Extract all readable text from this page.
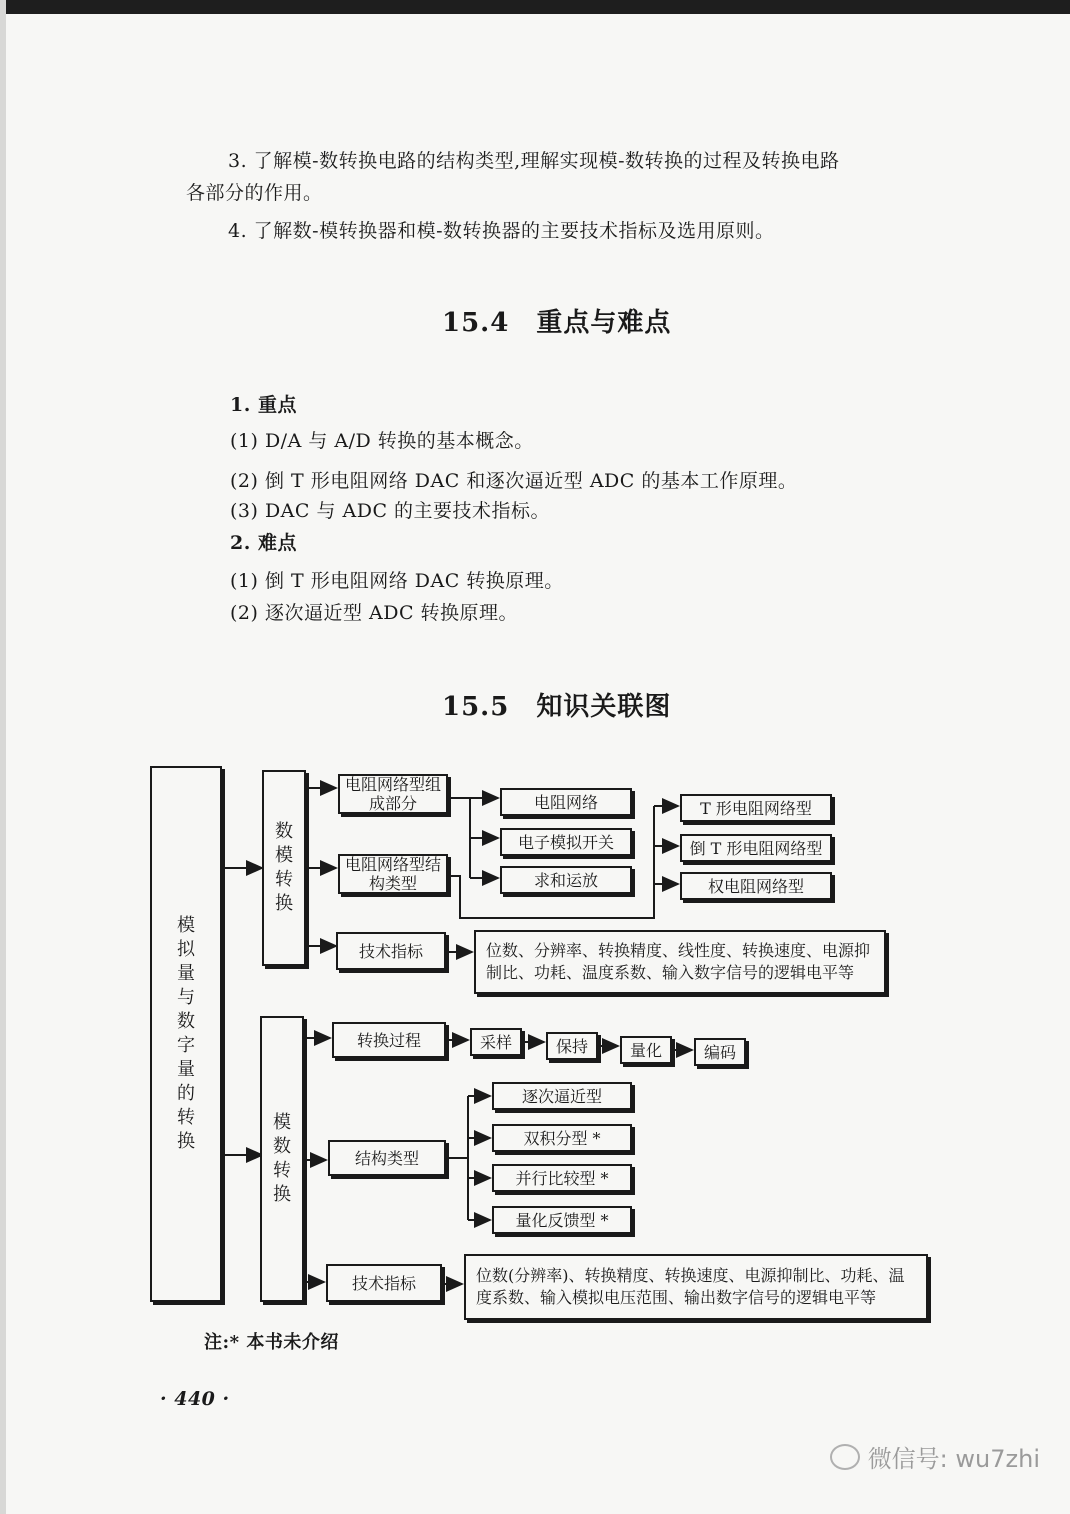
3. 了解模-数转换电路的结构类型,理解实现模-数转换的过程及转换电路
各部分的作用。
4. 了解数-模转换器和模-数转换器的主要技术指标及选用原则。
15.4　重点与难点
1. 重点
(1) D/A 与 A/D 转换的基本概念。
(2) 倒 T 形电阻网络 DAC 和逐次逼近型 ADC 的基本工作原理。
(3) DAC 与 ADC 的主要技术指标。
2. 难点
(1) 倒 T 形电阻网络 DAC 转换原理。
(2) 逐次逼近型 ADC 转换原理。
15.5　知识关联图
模
拟
量
与
数
字
量
的
转
换
数
模
转
换
电阻网络型组成部分
电阻网络型结构类型
技术指标
电阻网络
电子模拟开关
求和运放
T 形电阻网络型
倒 T 形电阻网络型
权电阻网络型
位数、分辨率、转换精度、线性度、转换速度、电源抑制比、功耗、温度系数、输入数字信号的逻辑电平等
模
数
转
换
转换过程	采样	保持	量化	编码
结构类型
逐次逼近型
双积分型 *
并行比较型 *
量化反馈型 *
技术指标	位数(分辨率)、转换精度、转换速度、电源抑制比、功耗、温度系数、输入模拟电压范围、输出数字信号的逻辑电平等
注:* 本书未介绍
· 440 ·
微信号: wu7zhi
